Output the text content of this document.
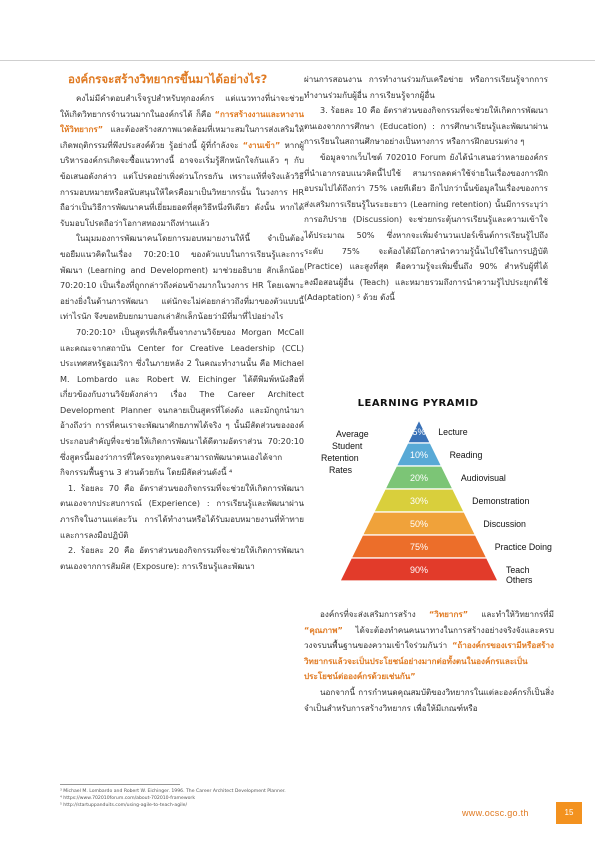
องค์กรจะสร้างวิทยากรขึ้นมาได้อย่างไร?

คงไม่มีคำตอบสำเร็จรูปสำหรับทุกองค์กร แต่แนวทางที่น่าจะช่วยให้เกิดวิทยากรจำนวนมากในองค์กรได้ ก็คือ “การสร้างงานและหางานให้วิทยากร” และต้องสร้างสภาพแวดล้อมที่เหมาะสมในการส่งเสริมให้เกิดพฤติกรรมที่พึงประสงค์ด้วย รู้อย่างนี้ ผู้ที่กำลังจะ “งานเข้า” หากผู้บริหารองค์กรเกิดจะซื้อแนวทางนี้ อาจจะเริ่มรู้สึกหนักใจกันแล้ว ๆ กับข้อเสนอดังกล่าว แต่โปรดอย่าเพิ่งด่วนโกรธกัน เพราะแท้ที่จริงแล้ววิธีการมอบหมายหรือสนับสนุนให้ใครคือมาเป็นวิทยากรนั้น ในวงการ HR ถือว่าเป็นวิธีการพัฒนาคนที่เยี่ยมยอดที่สุดวิธีหนึ่งทีเดียว ดังนั้น หากได้รับมอบโปรดถือว่าโอกาสทองมาถึงท่านแล้ว

ในมุมมองการพัฒนาคนโดยการมอบหมายงานให้นี้ จำเป็นต้องขอยืมแนวคิดในเรื่อง 70:20:10 ของตัวแบบในการเรียนรู้และการพัฒนา (Learning and Development) มาช่วยอธิบาย สักเล็กน้อย 70:20:10 เป็นเรื่องที่ถูกกล่าวถึงค่อนข้างมากในวงการ HR โดยเฉพาะอย่างยิ่งในด้านการพัฒนา แต่นักจะไม่ค่อยกล่าวถึงที่มาของตัวแบบนี้เท่าไรนัก จึงขอหยิบยกมาบอกเล่าสักเล็กน้อยว่ามีที่มาที่ไปอย่างไร

70:20:10³ เป็นสูตรที่เกิดขึ้นจากงานวิจัยของ Morgan McCall และคณะจากสถาบัน Center for Creative Leadership (CCL) ประเทศสหรัฐอเมริกา ซึ่งในภายหลัง 2 ในคณะทำงานนั้น คือ Michael M. Lombardo และ Robert W. Eichinger ได้ตีพิมพ์หนังสือที่เกี่ยวข้องกับงานวิจัยดังกล่าว เรื่อง The Career Architect Development Planner จนกลายเป็นสูตรที่โด่งดัง และมักถูกนำมาอ้างถึงว่า การที่คนเราจะพัฒนาศักยภาพได้จริง ๆ นั้นมีสัดส่วนขององค์ประกอบสำคัญที่จะช่วยให้เกิดการพัฒนาได้ดีตามอัตราส่วน 70:20:10 ซึ่งสูตรนี้มองว่าการที่ใครจะทุกคนจะสามารถพัฒนาตนเองได้จากกิจกรรมพื้นฐาน 3 ส่วนด้วยกัน โดยมีสัดส่วนดังนี้ ⁴

1. ร้อยละ 70 คือ อัตราส่วนของกิจกรรมที่จะช่วยให้เกิดการพัฒนาตนเองจากประสบการณ์ (Experience) : การเรียนรู้และพัฒนาผ่านภารกิจในงานแต่ละวัน การได้ทำงานหรือได้รับมอบหมายงานที่ท้าทาย และการลงมือปฏิบัติ

2. ร้อยละ 20 คือ อัตราส่วนของกิจกรรมที่จะช่วยให้เกิดการพัฒนาตนเองจากการสัมผัส (Exposure): การเรียนรู้และพัฒนา

ผ่านการสอนงาน การทำงานร่วมกับเครือข่าย หรือการเรียนรู้จากการทำงานร่วมกับผู้อื่น การเรียนรู้จากผู้อื่น

3. ร้อยละ 10 คือ อัตราส่วนของกิจกรรมที่จะช่วยให้เกิดการพัฒนาตนเองจากการศึกษา (Education) : การศึกษาเรียนรู้และพัฒนาผ่านการเรียนในสถานศึกษาอย่างเป็นทางการ หรือการฝึกอบรมต่าง ๆ

ข้อมูลจากเว็บไซต์ 702010 Forum ยังได้นำเสนอว่าหลายองค์กรที่นำเอากรอบแนวคิดนี้ไปใช้ สามารถลดค่าใช้จ่ายในเรื่องของการฝึกอบรมไปได้ถึงกว่า 75% เลยทีเดียว อีกไปกว่านั้นข้อมูลในเรื่องของการส่งเสริมการเรียนรู้ในระยะยาว (Learning retention) นั้นมีการระบุว่า การอภิปราย (Discussion) จะช่วยกระตุ้นการเรียนรู้และความเข้าใจได้ประมาณ 50% ซึ่งหากจะเพิ่มจำนวนเปอร์เซ็นต์การเรียนรู้ไปถึงระดับ 75% จะต้องได้มีโอกาสนำความรู้นั้นไปใช้ในการปฏิบัติ (Practice) และสูงที่สุด คือความรู้จะเพิ่มขึ้นถึง 90% สำหรับผู้ที่ได้ลงมือสอนผู้อื่น (Teach) และหมายรวมถึงการนำความรู้ไปประยุกต์ใช้ (Adaptation) ⁵ ด้วย ดังนี้

LEARNING PYRAMID
Average
Student
Retention
Rates
5%
10%
20%
30%
50%
75%
90%
Lecture
Reading
Audiovisual
Demonstration
Discussion
Practice Doing
Teach Others

องค์กรที่จะส่งเสริมการสร้าง “วิทยากร” และทำให้วิทยากรที่มี “คุณภาพ” ได้จะต้องทำคนคนนาทางในการสร้างอย่างจริงจังและครบวงจรบนพื้นฐานของความเข้าใจร่วมกันว่า “ถ้าองค์กรของเรามีหรือสร้างวิทยากรแล้วจะเป็นประโยชน์อย่างมากต่อทั้งตนในองค์กรและเป็นประโยชน์ต่อองค์กรด้วยเช่นกัน”

นอกจากนี้ การกำหนดคุณสมบัติของวิทยากรในแต่ละองค์กรก็เป็นสิ่งจำเป็นสำหรับการสร้างวิทยากร เพื่อให้มีเกณฑ์หรือ

³ Michael M. Lombardo and Robert W. Eichinger. 1996. The Career Architect Development Planner.
⁴ https://www.702010forum.com/about-702010-framework
⁵ http://startuppanduits.com/using-agile-to-teach-agile/
www.ocsc.go.th	15
